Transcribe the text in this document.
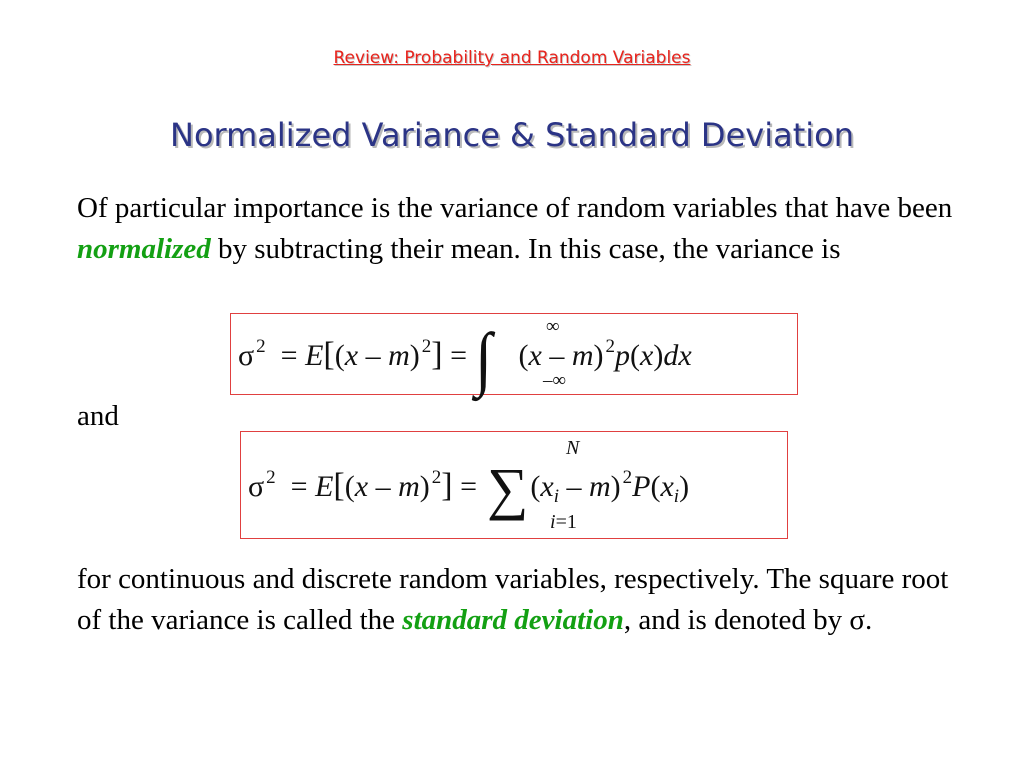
Review: Probability and Random Variables
Normalized Variance & Standard Deviation
Of particular importance is the variance of random variables that have been normalized by subtracting their mean. In this case, the variance is
σ $^2$ = E[(x – m) $^2$] = ∫	∞
–∞
(x – m) $^2$p(x)dx
and
σ $^2$ = E[(x – m) $^2$] = ∑
N
i=1
$(x_i - m)$ $^2P(x_i)$
for continuous and discrete random variables, respectively. The square root of the variance is called the standard deviation, and is denoted by σ.
